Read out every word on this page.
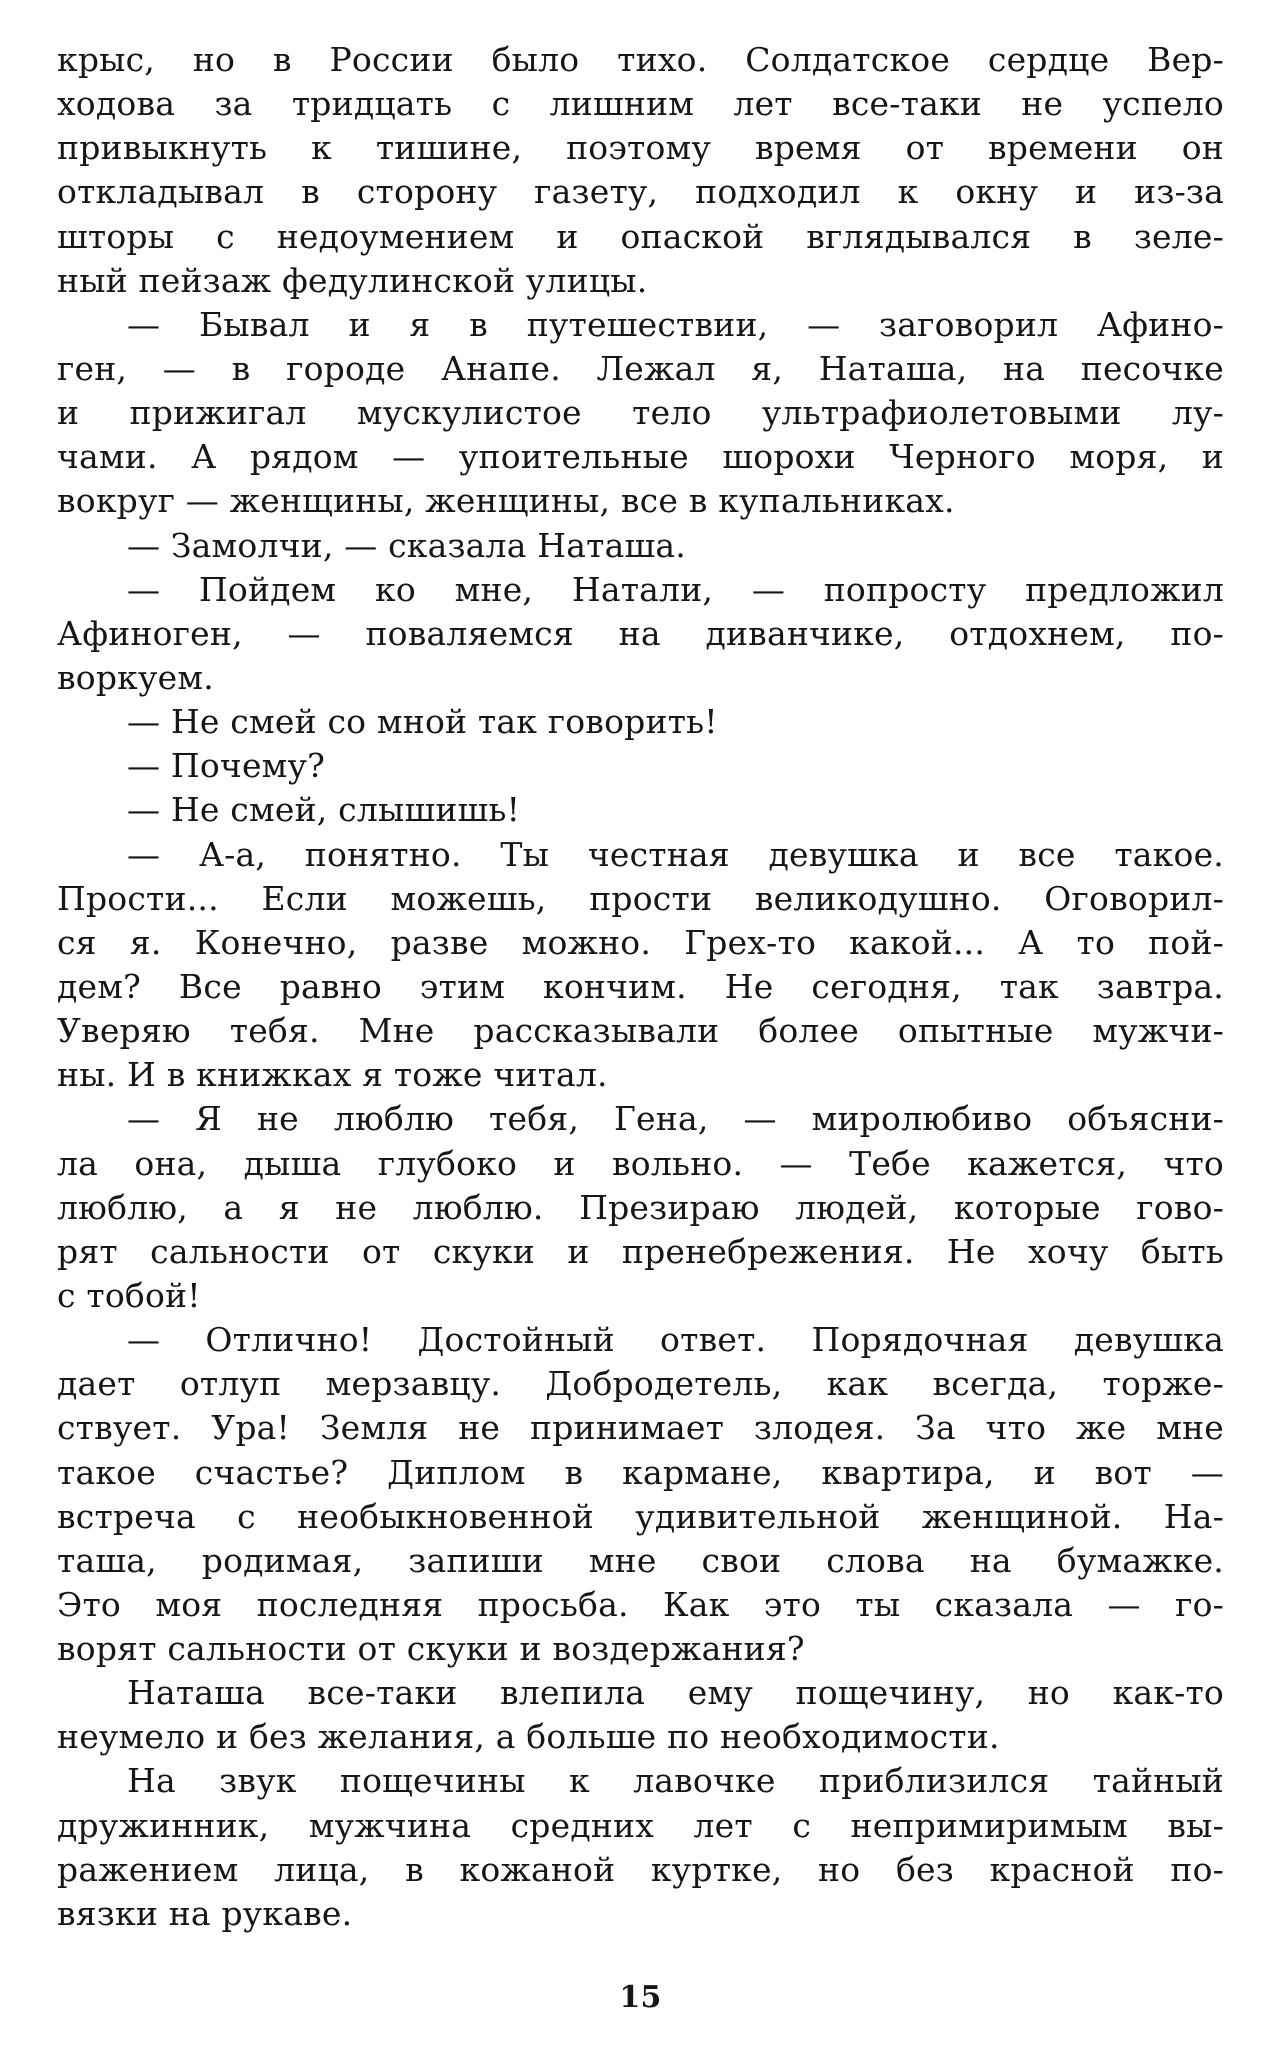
крыс, но в России было тихо. Солдатское сердце Вер-
ходова за тридцать с лишним лет все-таки не успело
привыкнуть к тишине, поэтому время от времени он
откладывал в сторону газету, подходил к окну и из-за
шторы с недоумением и опаской вглядывался в зеле-
ный пейзаж федулинской улицы.
— Бывал и я в путешествии, — заговорил Афино-
ген, — в городе Анапе. Лежал я, Наташа, на песочке
и прижигал мускулистое тело ультрафиолетовыми лу-
чами. А рядом — упоительные шорохи Черного моря, и
вокруг — женщины, женщины, все в купальниках.
— Замолчи, — сказала Наташа.
— Пойдем ко мне, Натали, — попросту предложил
Афиноген, — поваляемся на диванчике, отдохнем, по-
воркуем.
— Не смей со мной так говорить!
— Почему?
— Не смей, слышишь!
— А-а, понятно. Ты честная девушка и все такое.
Прости... Если можешь, прости великодушно. Оговорил-
ся я. Конечно, разве можно. Грех-то какой... А то пой-
дем? Все равно этим кончим. Не сегодня, так завтра.
Уверяю тебя. Мне рассказывали более опытные мужчи-
ны. И в книжках я тоже читал.
— Я не люблю тебя, Гена, — миролюбиво объясни-
ла она, дыша глубоко и вольно. — Тебе кажется, что
люблю, а я не люблю. Презираю людей, которые гово-
рят сальности от скуки и пренебрежения. Не хочу быть
с тобой!
— Отлично! Достойный ответ. Порядочная девушка
дает отлуп мерзавцу. Добродетель, как всегда, торже-
ствует. Ура! Земля не принимает злодея. За что же мне
такое счастье? Диплом в кармане, квартира, и вот —
встреча с необыкновенной удивительной женщиной. На-
таша, родимая, запиши мне свои слова на бумажке.
Это моя последняя просьба. Как это ты сказала — го-
ворят сальности от скуки и воздержания?
Наташа все-таки влепила ему пощечину, но как-то
неумело и без желания, а больше по необходимости.
На звук пощечины к лавочке приблизился тайный
дружинник, мужчина средних лет с непримиримым вы-
ражением лица, в кожаной куртке, но без красной по-
вязки на рукаве.
15
